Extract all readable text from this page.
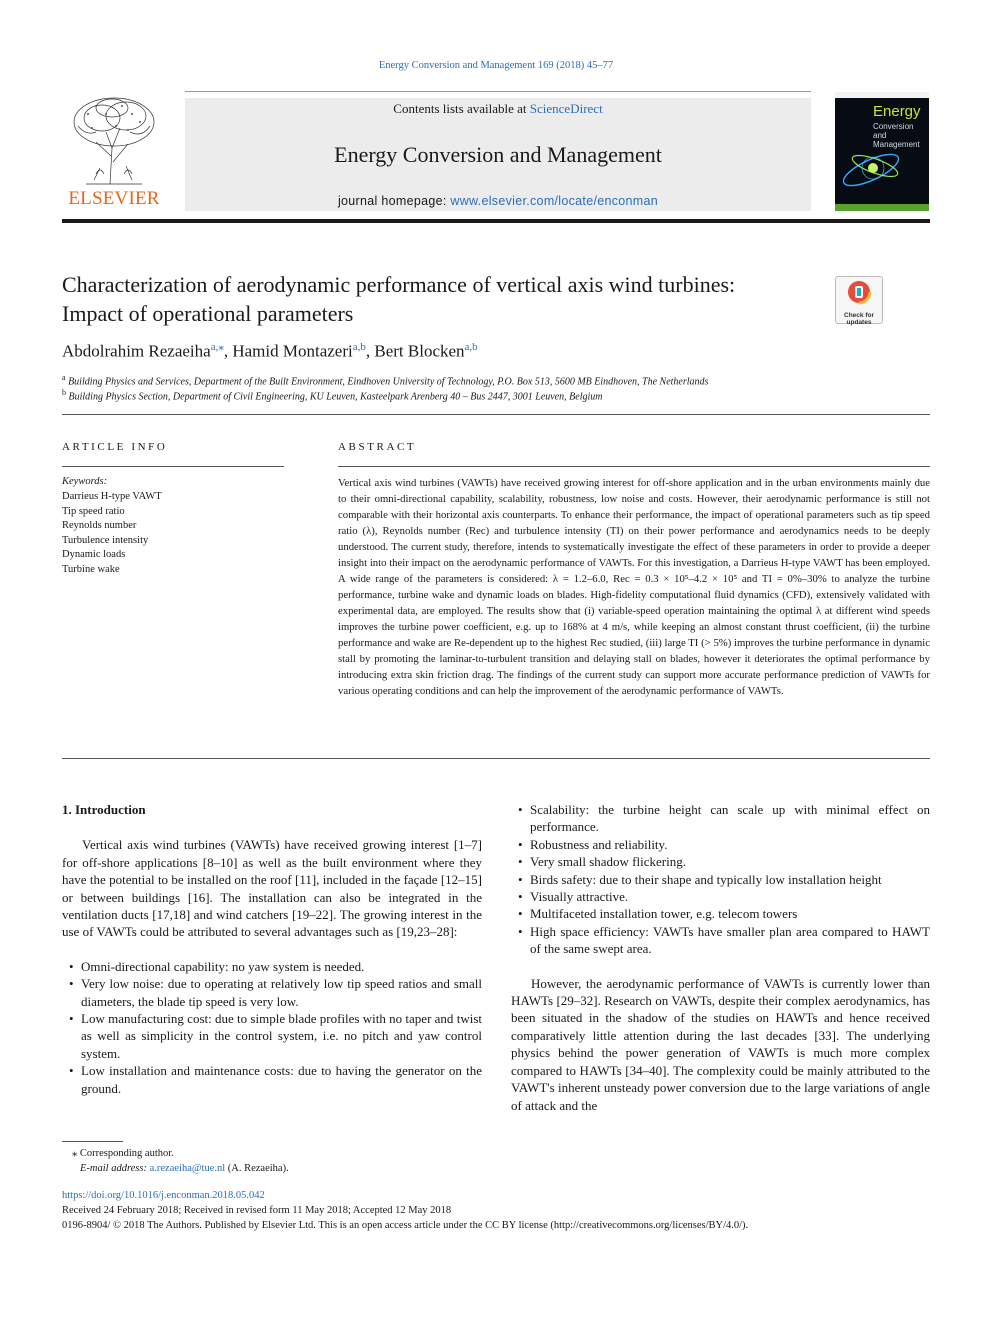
Energy Conversion and Management 169 (2018) 45–77
ELSEVIER
Contents lists available at ScienceDirect
Energy Conversion and Management
journal homepage: www.elsevier.com/locate/enconman
Energy
Conversion
and
Management
Characterization of aerodynamic performance of vertical axis wind turbines:
Impact of operational parameters	Check for
updates
Abdolrahim Rezaeiha$^{a,⁎}$, Hamid Montazeri$^{a,b}$, Bert Blocken$^{a,b}$
$^a$ Building Physics and Services, Department of the Built Environment, Eindhoven University of Technology, P.O. Box 513, 5600 MB Eindhoven, The Netherlands
$^b$ Building Physics Section, Department of Civil Engineering, KU Leuven, Kasteelpark Arenberg 40 – Bus 2447, 3001 Leuven, Belgium
ARTICLE INFO
Keywords:
Darrieus H-type VAWT
Tip speed ratio
Reynolds number
Turbulence intensity
Dynamic loads
Turbine wake
ABSTRACT
Vertical axis wind turbines (VAWTs) have received growing interest for off-shore application and in the urban environments mainly due to their omni-directional capability, scalability, robustness, low noise and costs. However, their aerodynamic performance is still not comparable with their horizontal axis counterparts. To enhance their performance, the impact of operational parameters such as tip speed ratio (λ), Reynolds number (Rec) and turbulence intensity (TI) on their power performance and aerodynamics needs to be deeply understood. The current study, therefore, intends to systematically investigate the effect of these parameters in order to provide a deeper insight into their impact on the aerodynamic performance of VAWTs. For this investigation, a Darrieus H-type VAWT has been employed. A wide range of the parameters is considered: λ = 1.2–6.0, Rec = 0.3 × 10⁵–4.2 × 10⁵ and TI = 0%–30% to analyze the turbine performance, turbine wake and dynamic loads on blades. High-fidelity computational fluid dynamics (CFD), extensively validated with experimental data, are employed. The results show that (i) variable-speed operation maintaining the optimal λ at different wind speeds improves the turbine power coefficient, e.g. up to 168% at 4 m/s, while keeping an almost constant thrust coefficient, (ii) the turbine performance and wake are Re-dependent up to the highest Rec studied, (iii) large TI (> 5%) improves the turbine performance in dynamic stall by promoting the laminar-to-turbulent transition and delaying stall on blades, however it deteriorates the optimal performance by introducing extra skin friction drag. The findings of the current study can support more accurate performance prediction of VAWTs for various operating conditions and can help the improvement of the aerodynamic performance of VAWTs.
1. Introduction

Vertical axis wind turbines (VAWTs) have received growing interest [1–7] for off-shore applications [8–10] as well as the built environment where they have the potential to be installed on the roof [11], included in the façade [12–15] or between buildings [16]. The installation can also be integrated in the ventilation ducts [17,18] and wind catchers [19–22]. The growing interest in the use of VAWTs could be attributed to several advantages such as [19,23–28]:

• Omni-directional capability: no yaw system is needed.
• Very low noise: due to operating at relatively low tip speed ratios and small diameters, the blade tip speed is very low.
• Low manufacturing cost: due to simple blade profiles with no taper and twist as well as simplicity in the control system, i.e. no pitch and yaw control system.
• Low installation and maintenance costs: due to having the generator on the ground.
• Scalability: the turbine height can scale up with minimal effect on performance.
• Robustness and reliability.
• Very small shadow flickering.
• Birds safety: due to their shape and typically low installation height
• Visually attractive.
• Multifaceted installation tower, e.g. telecom towers
• High space efficiency: VAWTs have smaller plan area compared to HAWT of the same swept area.

However, the aerodynamic performance of VAWTs is currently lower than HAWTs [29–32]. Research on VAWTs, despite their complex aerodynamics, has been situated in the shadow of the studies on HAWTs and hence received comparatively little attention during the last decades [33]. The underlying physics behind the power generation of VAWTs is much more complex compared to HAWTs [34–40]. The complexity could be mainly attributed to the VAWT's inherent unsteady power conversion due to the large variations of angle of attack and the

⁎ Corresponding author.
E-mail address: a.rezaeiha@tue.nl (A. Rezaeiha).
https://doi.org/10.1016/j.enconman.2018.05.042
Received 24 February 2018; Received in revised form 11 May 2018; Accepted 12 May 2018
0196-8904/ © 2018 The Authors. Published by Elsevier Ltd. This is an open access article under the CC BY license (http://creativecommons.org/licenses/BY/4.0/).
